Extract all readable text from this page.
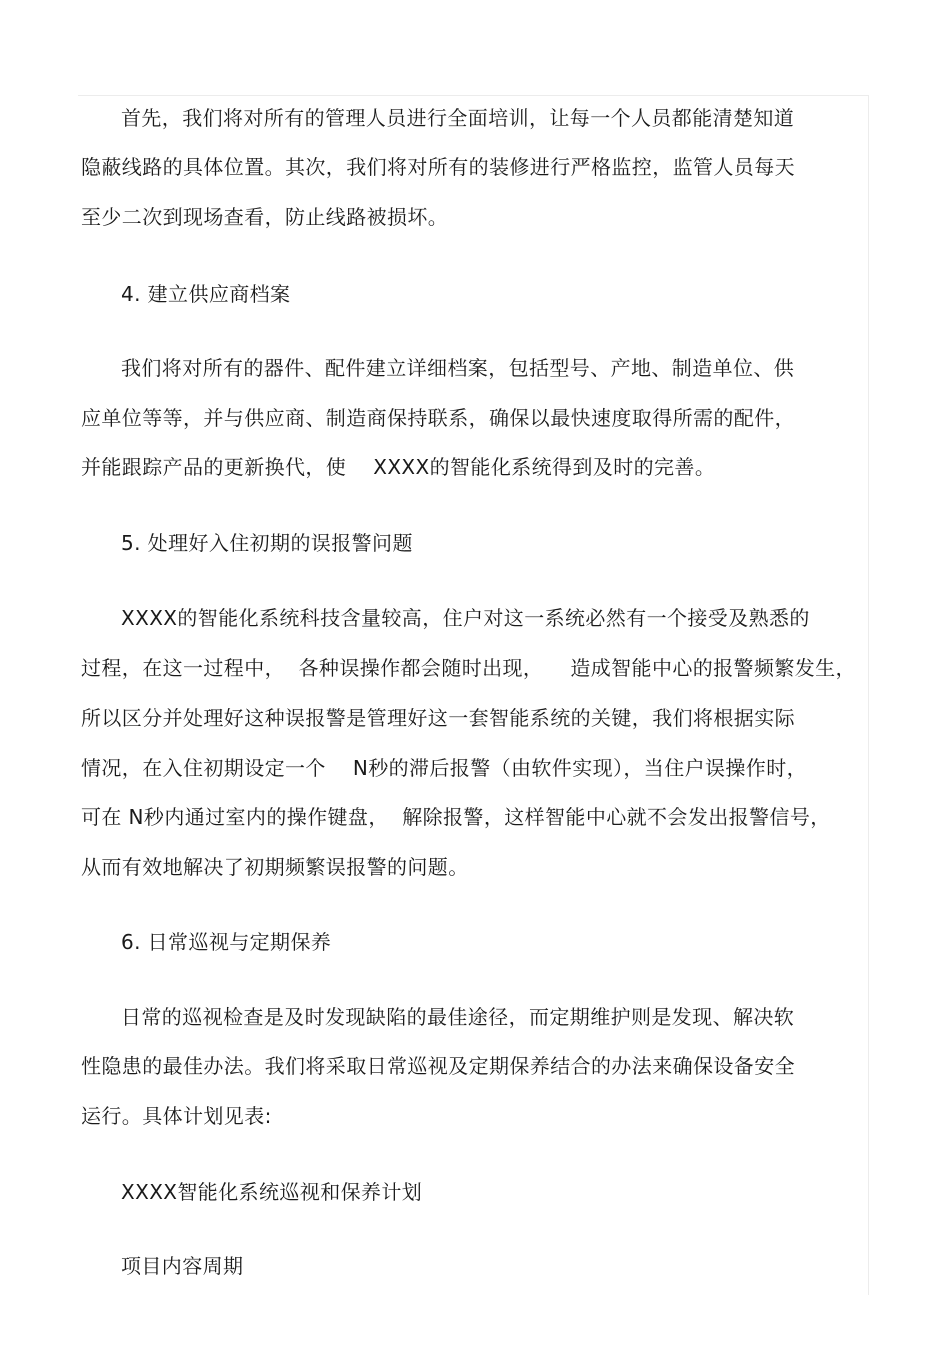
首先，我们将对所有的管理人员进行全面培训，让每一个人员都能清楚知道
隐蔽线路的具体位置。其次，我们将对所有的装修进行严格监控，监管人员每天
至少二次到现场查看，防止线路被损坏。
4. 建立供应商档案
我们将对所有的器件、配件建立详细档案，包括型号、产地、制造单位、供
应单位等等，并与供应商、制造商保持联系，确保以最快速度取得所需的配件，
并能跟踪产品的更新换代，使    XXXX的智能化系统得到及时的完善。
5. 处理好入住初期的误报警问题
XXXX的智能化系统科技含量较高，住户对这一系统必然有一个接受及熟悉的
过程，在这一过程中，  各种误操作都会随时出现，    造成智能中心的报警频繁发生，
所以区分并处理好这种误报警是管理好这一套智能系统的关键，我们将根据实际
情况，在入住初期设定一个    N秒的滞后报警（由软件实现），当住户误操作时，
可在 N秒内通过室内的操作键盘，  解除报警，这样智能中心就不会发出报警信号，
从而有效地解决了初期频繁误报警的问题。
6. 日常巡视与定期保养
日常的巡视检查是及时发现缺陷的最佳途径，而定期维护则是发现、解决软
性隐患的最佳办法。我们将采取日常巡视及定期保养结合的办法来确保设备安全
运行。具体计划见表:
XXXX智能化系统巡视和保养计划
项目内容周期
